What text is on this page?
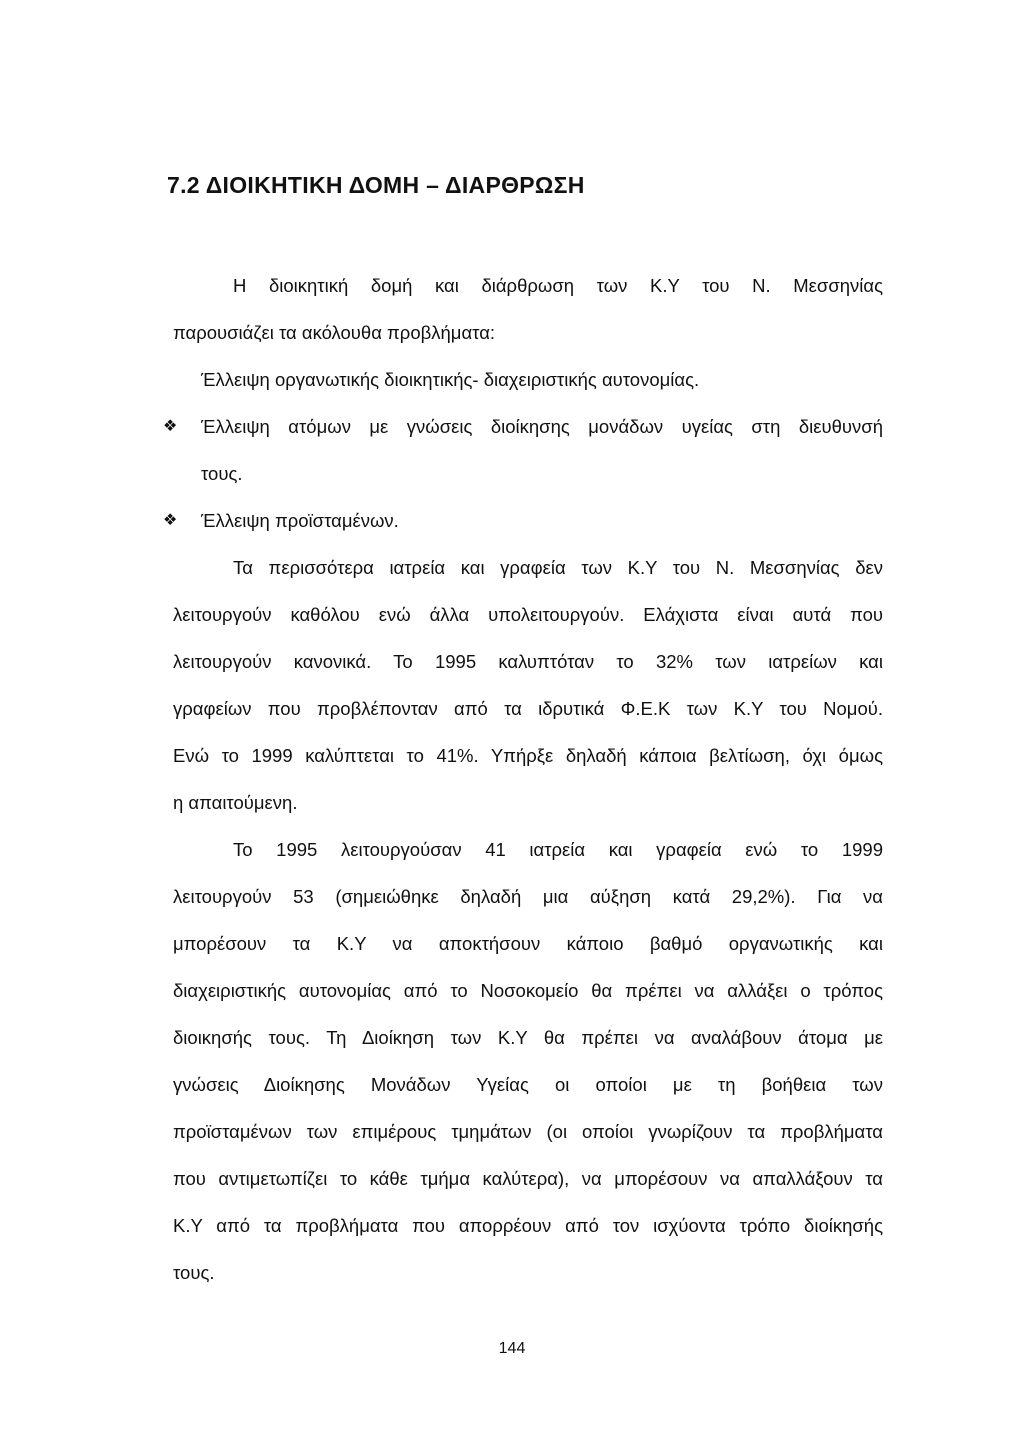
7.2 ΔΙΟΙΚΗΤΙΚΗ ΔΟΜΗ – ΔΙΑΡΘΡΩΣΗ

Η διοικητική δομή και διάρθρωση των Κ.Υ του Ν. Μεσσηνίας

παρουσιάζει τα ακόλουθα προβλήματα:

Έλλειψη οργανωτικής διοικητικής- διαχειριστικής αυτονομίας.

❖ Έλλειψη ατόμων με γνώσεις διοίκησης μονάδων υγείας στη διευθυνσή

τους.

❖ Έλλειψη προϊσταμένων.

Τα περισσότερα ιατρεία και γραφεία των Κ.Υ του Ν. Μεσσηνίας δεν

λειτουργούν καθόλου ενώ άλλα υπολειτουργούν. Ελάχιστα είναι αυτά που

λειτουργούν κανονικά. Το 1995 καλυπτόταν το 32% των ιατρείων και

γραφείων που προβλέπονταν από τα ιδρυτικά Φ.Ε.Κ των Κ.Υ του Νομού.

Ενώ το 1999 καλύπτεται το 41%. Υπήρξε δηλαδή κάποια βελτίωση, όχι όμως

η απαιτούμενη.

Το 1995 λειτουργούσαν 41 ιατρεία και γραφεία ενώ το 1999

λειτουργούν 53 (σημειώθηκε δηλαδή μια αύξηση κατά 29,2%). Για να

μπορέσουν τα Κ.Υ να αποκτήσουν κάποιο βαθμό οργανωτικής και

διαχειριστικής αυτονομίας από το Νοσοκομείο θα πρέπει να αλλάξει ο τρόπος

διοικησής τους. Τη Διοίκηση των Κ.Υ θα πρέπει να αναλάβουν άτομα με

γνώσεις Διοίκησης Μονάδων Υγείας οι οποίοι με τη βοήθεια των

προϊσταμένων των επιμέρους τμημάτων (οι οποίοι γνωρίζουν τα προβλήματα

που αντιμετωπίζει το κάθε τμήμα καλύτερα), να μπορέσουν να απαλλάξουν τα

Κ.Υ από τα προβλήματα που απορρέουν από τον ισχύοντα τρόπο διοίκησής

τους.

144
